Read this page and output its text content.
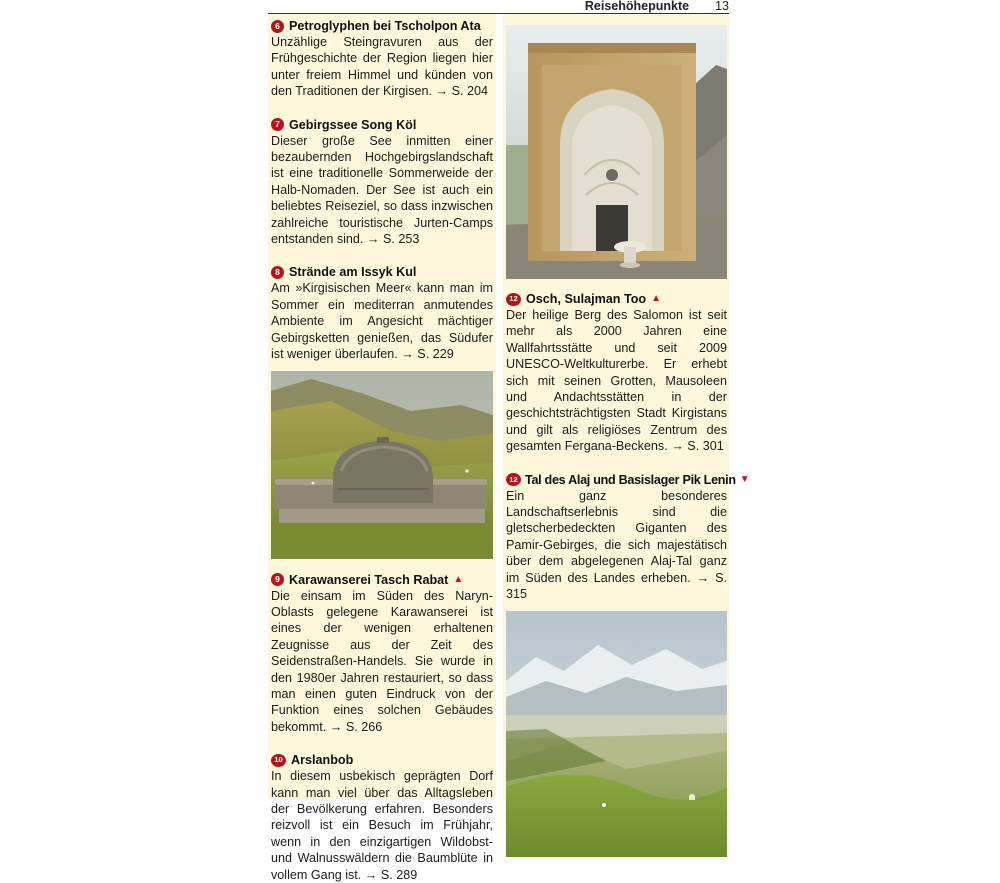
Reisehöhepunkte 13
6 Petroglyphen bei Tscholpon Ata

Unzählige Steingravuren aus der Frühgeschichte der Region liegen hier unter freiem Himmel und künden von den Traditionen der Kirgisen. → S. 204

7 Gebirgssee Song Köl

Dieser große See inmitten einer bezaubernden Hochgebirgslandschaft ist eine traditionelle Sommerweide der Halb-Nomaden. Der See ist auch ein beliebtes Reiseziel, so dass inzwischen zahlreiche touristische Jurten-Camps entstanden sind. → S. 253

8 Strände am Issyk Kul

Am »Kirgisischen Meer« kann man im Sommer ein mediterran anmutendes Ambiente im Angesicht mächtiger Gebirgsketten genießen, das Südufer ist weniger überlaufen. → S. 229

9 Karawanserei Tasch Rabat ▲

Die einsam im Süden des Naryn-Oblasts gelegene Karawanserei ist eines der wenigen erhaltenen Zeugnisse aus der Zeit des Seidenstraßen-Handels. Sie wurde in den 1980er Jahren restauriert, so dass man einen guten Eindruck von der Funktion eines solchen Gebäudes bekommt. → S. 266

10 Arslanbob

In diesem usbekisch geprägten Dorf kann man viel über das Alltagsleben der Bevölkerung erfahren. Besonders reizvoll ist ein Besuch im Frühjahr, wenn in den einzigartigen Wildobst- und Walnusswäldern die Baumblüte in vollem Gang ist. → S. 289

12 Osch, Sulajman Too ▲

Der heilige Berg des Salomon ist seit mehr als 2000 Jahren eine Wallfahrtsstätte und seit 2009 UNESCO-Weltkulturerbe. Er erhebt sich mit seinen Grotten, Mausoleen und Andachtsstätten in der geschichtsträchtigsten Stadt Kirgistans und gilt als religiöses Zentrum des gesamten Fergana-Beckens. → S. 301

12 Tal des Alaj und Basislager Pik Lenin ▼

Ein ganz besonderes Landschaftserlebnis sind die gletscherbedeckten Giganten des Pamir-Gebirges, die sich majestätisch über dem abgelegenen Alaj-Tal ganz im Süden des Landes erheben. → S. 315
